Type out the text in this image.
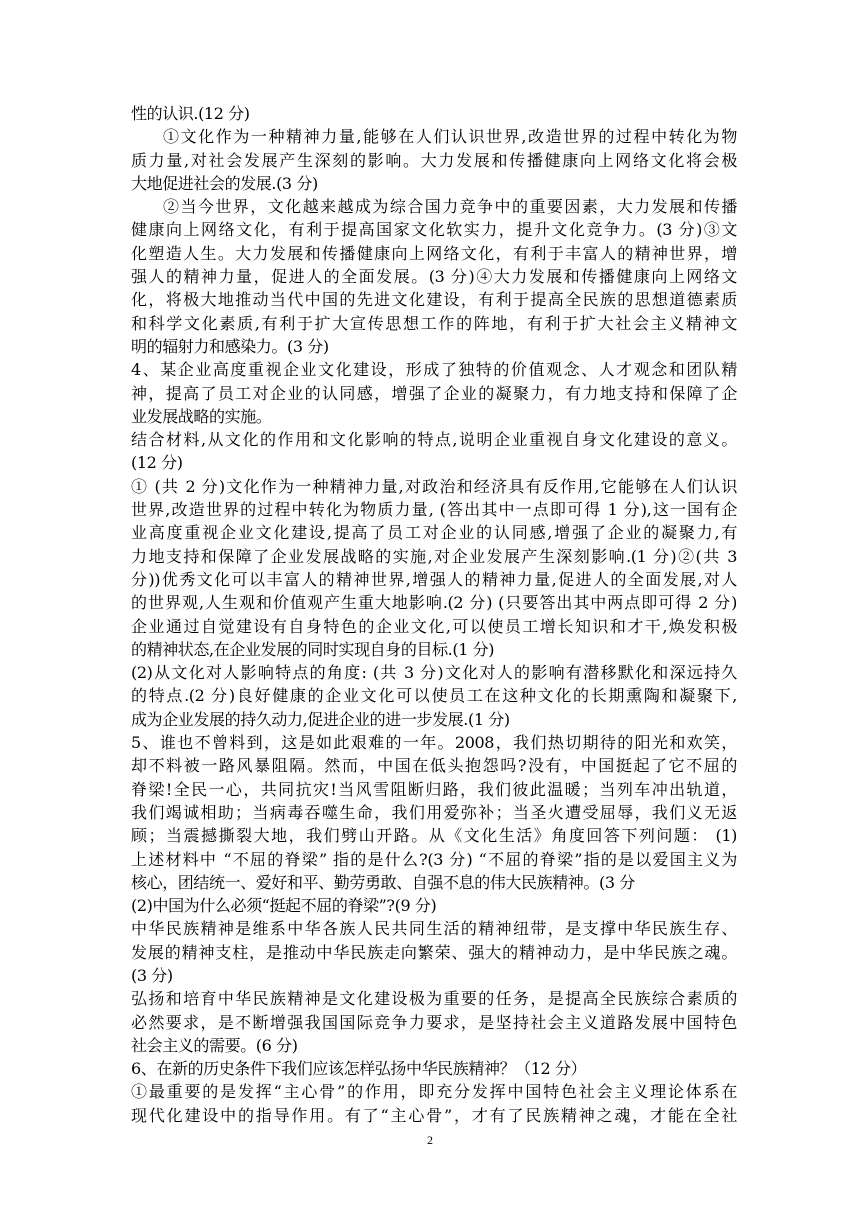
性的认识.(12 分)
①文化作为一种精神力量,能够在人们认识世界,改造世界的过程中转化为物
质力量,对社会发展产生深刻的影响。大力发展和传播健康向上网络文化将会极
大地促进社会的发展.(3 分)
②当今世界，文化越来越成为综合国力竞争中的重要因素，大力发展和传播
健康向上网络文化，有利于提高国家文化软实力，提升文化竞争力。(3 分)③文
化塑造人生。大力发展和传播健康向上网络文化，有利于丰富人的精神世界，增
强人的精神力量，促进人的全面发展。(3 分)④大力发展和传播健康向上网络文
化，将极大地推动当代中国的先进文化建设，有利于提高全民族的思想道德素质
和科学文化素质,有利于扩大宣传思想工作的阵地，有利于扩大社会主义精神文
明的辐射力和感染力。(3 分)
4、某企业高度重视企业文化建设，形成了独特的价值观念、人才观念和团队精
神，提高了员工对企业的认同感，增强了企业的凝聚力，有力地支持和保障了企
业发展战略的实施。
结合材料,从文化的作用和文化影响的特点,说明企业重视自身文化建设的意义。
(12 分)
① (共 2 分)文化作为一种精神力量,对政治和经济具有反作用,它能够在人们认识
世界,改造世界的过程中转化为物质力量, (答出其中一点即可得 1 分),这一国有企
业高度重视企业文化建设,提高了员工对企业的认同感,增强了企业的凝聚力,有
力地支持和保障了企业发展战略的实施,对企业发展产生深刻影响.(1 分)②(共 3
分))优秀文化可以丰富人的精神世界,增强人的精神力量,促进人的全面发展,对人
的世界观,人生观和价值观产生重大地影响.(2 分) (只要答出其中两点即可得 2 分)
企业通过自觉建设有自身特色的企业文化,可以使员工增长知识和才干,焕发积极
的精神状态,在企业发展的同时实现自身的目标.(1 分)
(2)从文化对人影响特点的角度: (共 3 分)文化对人的影响有潜移默化和深远持久
的特点.(2 分)良好健康的企业文化可以使员工在这种文化的长期熏陶和凝聚下,
成为企业发展的持久动力,促进企业的进一步发展.(1 分)
5、谁也不曾料到，这是如此艰难的一年。2008，我们热切期待的阳光和欢笑，
却不料被一路风暴阻隔。然而，中国在低头抱怨吗?没有，中国挺起了它不屈的
脊梁!全民一心，共同抗灾!当风雪阻断归路，我们彼此温暖；当列车冲出轨道，
我们竭诚相助；当病毒吞噬生命，我们用爱弥补；当圣火遭受屈辱，我们义无返
顾；当震撼撕裂大地，我们劈山开路。从《文化生活》角度回答下列问题： (1)
上述材料中 “不屈的脊梁” 指的是什么?(3 分) “不屈的脊梁”指的是以爱国主义为
核心，团结统一、爱好和平、勤劳勇敢、自强不息的伟大民族精神。(3 分
(2)中国为什么必须“挺起不屈的脊梁”?(9 分)
中华民族精神是维系中华各族人民共同生活的精神纽带，是支撑中华民族生存、
发展的精神支柱，是推动中华民族走向繁荣、强大的精神动力，是中华民族之魂。
(3 分)
弘扬和培育中华民族精神是文化建设极为重要的任务，是提高全民族综合素质的
必然要求，是不断增强我国国际竞争力要求，是坚持社会主义道路发展中国特色
社会主义的需要。(6 分)
6、在新的历史条件下我们应该怎样弘扬中华民族精神？（12 分）
①最重要的是发挥“主心骨”的作用，即充分发挥中国特色社会主义理论体系在
现代化建设中的指导作用。有了“主心骨”，才有了民族精神之魂，才能在全社
2
